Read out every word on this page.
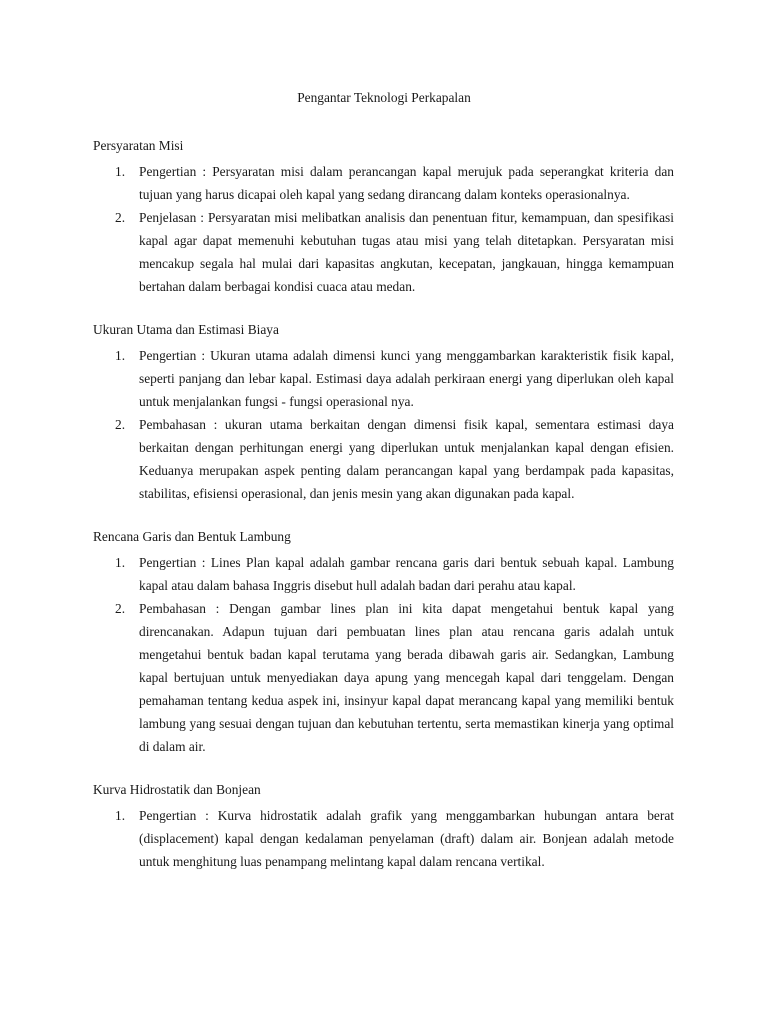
Pengantar Teknologi Perkapalan
Persyaratan Misi
1. Pengertian : Persyaratan misi dalam perancangan kapal merujuk pada seperangkat kriteria dan tujuan yang harus dicapai oleh kapal yang sedang dirancang dalam konteks operasionalnya.
2. Penjelasan : Persyaratan misi melibatkan analisis dan penentuan fitur, kemampuan, dan spesifikasi kapal agar dapat memenuhi kebutuhan tugas atau misi yang telah ditetapkan. Persyaratan misi mencakup segala hal mulai dari kapasitas angkutan, kecepatan, jangkauan, hingga kemampuan bertahan dalam berbagai kondisi cuaca atau medan.
Ukuran Utama dan Estimasi Biaya
1. Pengertian : Ukuran utama adalah dimensi kunci yang menggambarkan karakteristik fisik kapal, seperti panjang dan lebar kapal. Estimasi daya adalah perkiraan energi yang diperlukan oleh kapal untuk menjalankan fungsi - fungsi operasional nya.
2. Pembahasan : ukuran utama berkaitan dengan dimensi fisik kapal, sementara estimasi daya berkaitan dengan perhitungan energi yang diperlukan untuk menjalankan kapal dengan efisien. Keduanya merupakan aspek penting dalam perancangan kapal yang berdampak pada kapasitas, stabilitas, efisiensi operasional, dan jenis mesin yang akan digunakan pada kapal.
Rencana Garis dan Bentuk Lambung
1. Pengertian : Lines Plan kapal adalah gambar rencana garis dari bentuk sebuah kapal. Lambung kapal atau dalam bahasa Inggris disebut hull adalah badan dari perahu atau kapal.
2. Pembahasan : Dengan gambar lines plan ini kita dapat mengetahui bentuk kapal yang direncanakan. Adapun tujuan dari pembuatan lines plan atau rencana garis adalah untuk mengetahui bentuk badan kapal terutama yang berada dibawah garis air. Sedangkan, Lambung kapal bertujuan untuk menyediakan daya apung yang mencegah kapal dari tenggelam. Dengan pemahaman tentang kedua aspek ini, insinyur kapal dapat merancang kapal yang memiliki bentuk lambung yang sesuai dengan tujuan dan kebutuhan tertentu, serta memastikan kinerja yang optimal di dalam air.
Kurva Hidrostatik dan Bonjean
1. Pengertian : Kurva hidrostatik adalah grafik yang menggambarkan hubungan antara berat (displacement) kapal dengan kedalaman penyelaman (draft) dalam air. Bonjean adalah metode untuk menghitung luas penampang melintang kapal dalam rencana vertikal.
